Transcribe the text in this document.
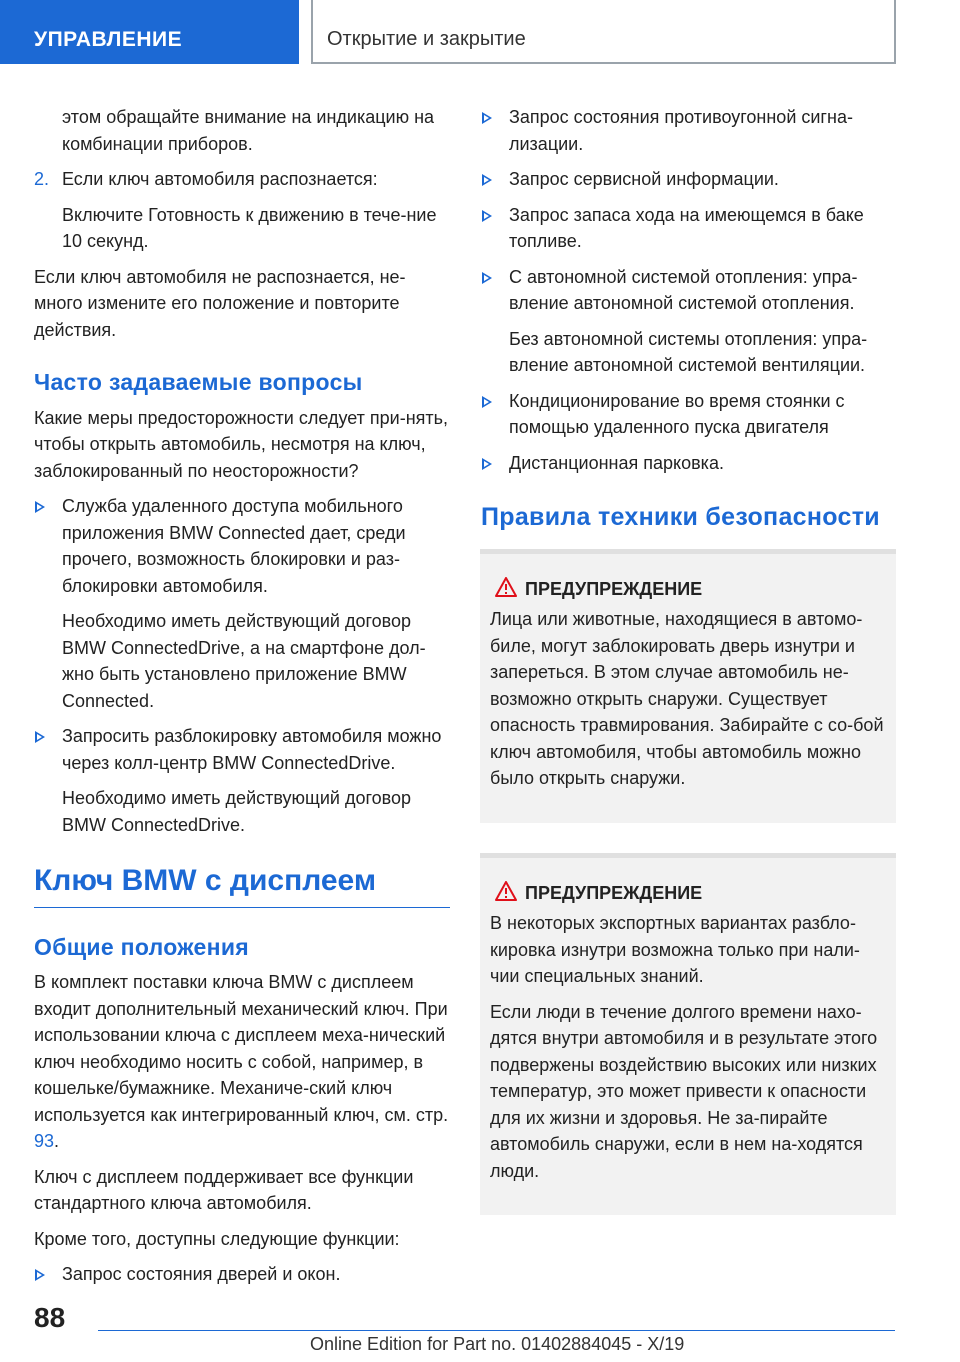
УПРАВЛЕНИЕ	Открытие и закрытие

этом обращайте внимание на индикацию на комбинации приборов.

2. Если ключ автомобиля распознается:

Включите Готовность к движению в тече-ние 10 секунд.

Если ключ автомобиля не распознается, не-много измените его положение и повторите действия.

Часто задаваемые вопросы

Какие меры предосторожности следует при-нять, чтобы открыть автомобиль, несмотря на ключ, заблокированный по неосторожности?

Служба удаленного доступа мобильного приложения BMW Connected дает, среди прочего, возможность блокировки и раз-блокировки автомобиля.

Необходимо иметь действующий договор BMW ConnectedDrive, а на смартфоне дол-жно быть установлено приложение BMW Connected.

Запросить разблокировку автомобиля можно через колл-центр BMW ConnectedDrive.

Необходимо иметь действующий договор BMW ConnectedDrive.

Ключ BMW с дисплеем
Общие положения

В комплект поставки ключа BMW с дисплеем входит дополнительный механический ключ. При использовании ключа с дисплеем меха-нический ключ необходимо носить с собой, например, в кошельке/бумажнике. Механиче-ский ключ используется как интегрированный ключ, см. стр. 93.

Ключ с дисплеем поддерживает все функции стандартного ключа автомобиля.

Кроме того, доступны следующие функции:

Запрос состояния дверей и окон.
Запрос состояния противоугонной сигна-лизации.
Запрос сервисной информации.
Запрос запаса хода на имеющемся в баке топливе.
С автономной системой отопления: упра-вление автономной системой отопления.

Без автономной системы отопления: упра-вление автономной системой вентиляции.

Кондиционирование во время стоянки с помощью удаленного пуска двигателя
Дистанционная парковка.
Правила техники безопасности
ПРЕДУПРЕЖДЕНИЕ

Лица или животные, находящиеся в автомо-биле, могут заблокировать дверь изнутри и запереться. В этом случае автомобиль не-возможно открыть снаружи. Существует опасность травмирования. Забирайте с со-бой ключ автомобиля, чтобы автомобиль можно было открыть снаружи.

ПРЕДУПРЕЖДЕНИЕ

В некоторых экспортных вариантах разбло-кировка изнутри возможна только при нали-чии специальных знаний.

Если люди в течение долгого времени нахо-дятся внутри автомобиля и в результате этого подвержены воздействию высоких или низких температур, это может привести к опасности для их жизни и здоровья. Не за-пирайте автомобиль снаружи, если в нем на-ходятся люди.

88
Online Edition for Part no. 01402884045 - X/19
